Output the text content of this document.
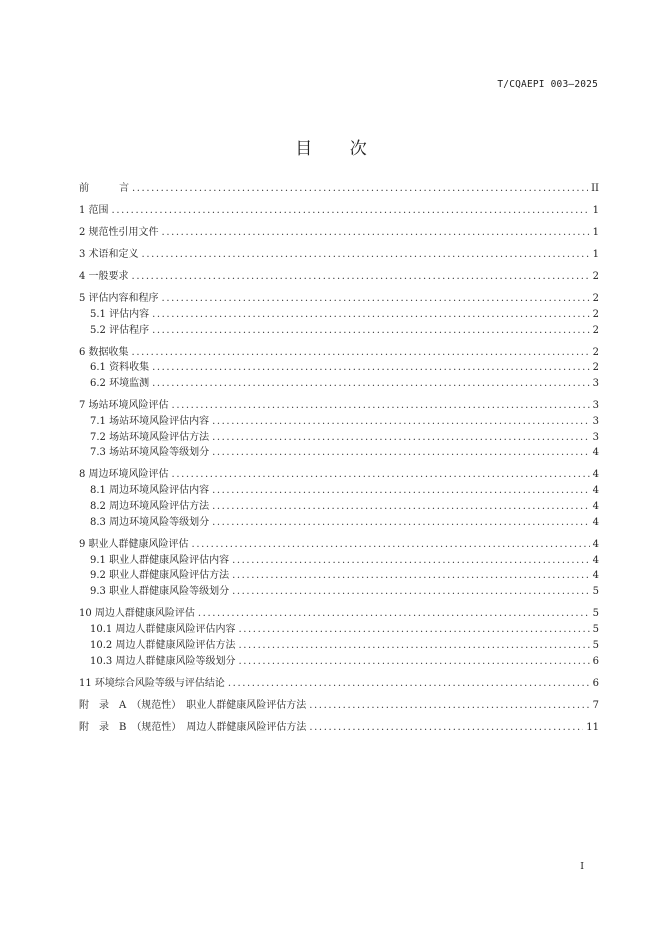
T/CQAEPI 003—2025
目 次
前　　　言 .....	II
1 范围 .....	1
2 规范性引用文件 .....	1
3 术语和定义 .....	1
4 一般要求 .....	2
5 评估内容和程序 .....	2
5.1 评估内容 .....	2
5.2 评估程序 .....	2
6 数据收集 .....	2
6.1 资料收集 .....	2
6.2 环境监测 .....	3
7 场站环境风险评估 .....	3
7.1 场站环境风险评估内容 .....	3
7.2 场站环境风险评估方法 .....	3
7.3 场站环境风险等级划分 .....	4
8 周边环境风险评估 .....	4
8.1 周边环境风险评估内容 .....	4
8.2 周边环境风险评估方法 .....	4
8.3 周边环境风险等级划分 .....	4
9 职业人群健康风险评估 .....	4
9.1 职业人群健康风险评估内容 .....	4
9.2 职业人群健康风险评估方法 .....	4
9.3 职业人群健康风险等级划分 .....	5
10 周边人群健康风险评估 .....	5
10.1 周边人群健康风险评估内容 .....	5
10.2 周边人群健康风险评估方法 .....	5
10.3 周边人群健康风险等级划分 .....	6
11 环境综合风险等级与评估结论 .....	6
附　录　A　（规范性）　职业人群健康风险评估方法 .....	7
附　录　B　（规范性）　周边人群健康风险评估方法 .....	11
I
